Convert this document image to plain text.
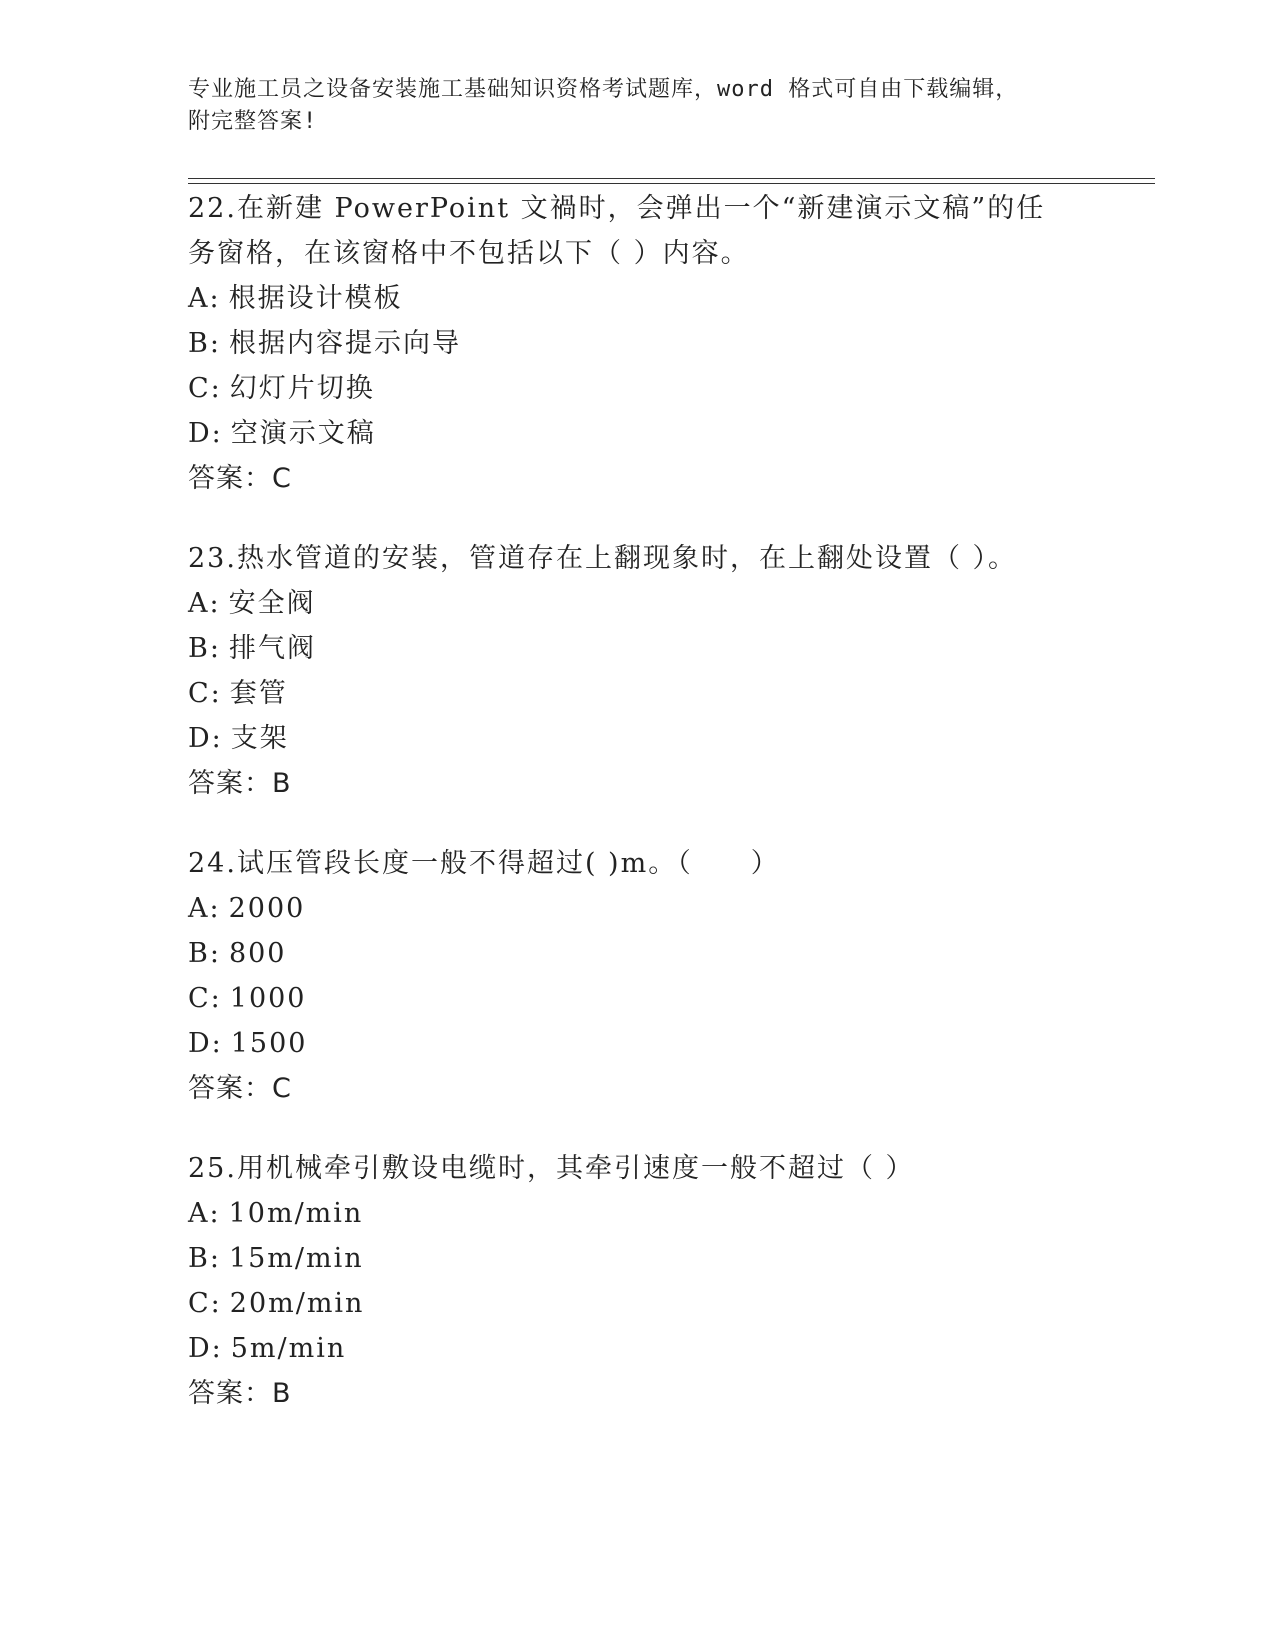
专业施工员之设备安装施工基础知识资格考试题库，word 格式可自由下载编辑，
附完整答案!
22.在新建 PowerPoint 文禍时，会弹出一个“新建演示文稿”的任务窗格，在该窗格中不包括以下（ ）内容。
A: 根据设计模板
B: 根据内容提示向导
C: 幻灯片切换
D: 空演示文稿
答案：C
23.热水管道的安装，管道存在上翻现象时，在上翻处设置（ ）。
A: 安全阀
B: 排气阀
C: 套管
D: 支架
答案：B
24.试压管段长度一般不得超过( )m。（　　）
A: 2000
B: 800
C: 1000
D: 1500
答案：C
25.用机械牵引敷设电缆时，其牵引速度一般不超过（ ）
A: 10m/min
B: 15m/min
C: 20m/min
D: 5m/min
答案：B
